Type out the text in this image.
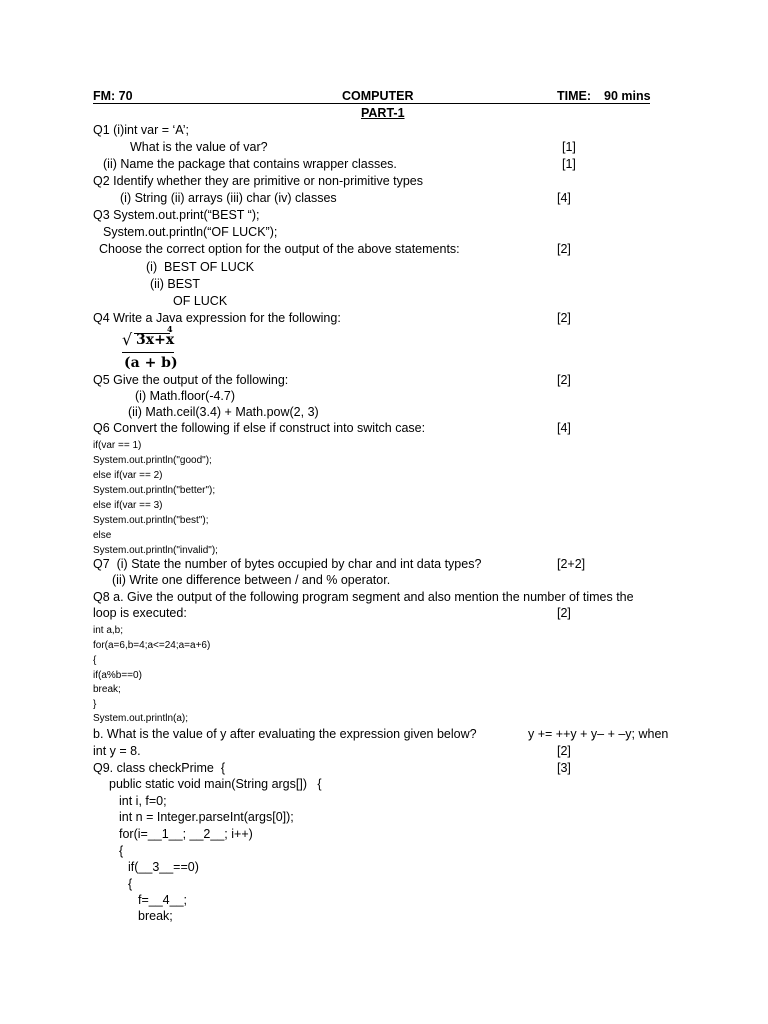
FM: 70	COMPUTER	TIME: 90 mins
PART-1
Q1 (i)int var = ‘A’;
What is the value of var?	[1]
(ii) Name the package that contains wrapper classes.	[1]
Q2 Identify whether they are primitive or non-primitive types
(i) String (ii) arrays (iii) char (iv) classes	[4]
Q3 System.out.print(“BEST “);
System.out.println(“OF LUCK”);
Choose the correct option for the output of the above statements:	[2]
(i)  BEST OF LUCK
(ii) BEST
OF LUCK
Q4 Write a Java expression for the following:	[2]
√ 3x+x
4
(a + b)
Q5 Give the output of the following:	[2]
(i) Math.floor(-4.7)
(ii) Math.ceil(3.4) + Math.pow(2, 3)
Q6 Convert the following if else if construct into switch case:	[4]
if(var == 1)
System.out.println("good");
else if(var == 2)
System.out.println("better");
else if(var == 3)
System.out.println("best");
else
System.out.println("invalid");
Q7  (i) State the number of bytes occupied by char and int data types?	[2+2]
(ii) Write one difference between / and % operator.
Q8 a. Give the output of the following program segment and also mention the number of times the
loop is executed:	[2]
int a,b;
for(a=6,b=4;a<=24;a=a+6)
{
if(a%b==0)
break;
}
System.out.println(a);
b. What is the value of y after evaluating the expression given below?	y += ++y + y– + –y; when
int y = 8.	[2]
Q9. class checkPrime  {	[3]
public static void main(String args[])   {
int i, f=0;
int n = Integer.parseInt(args[0]);
for(i=__1__; __2__; i++)
{
if(__3__==0)
{
f=__4__;
break;
